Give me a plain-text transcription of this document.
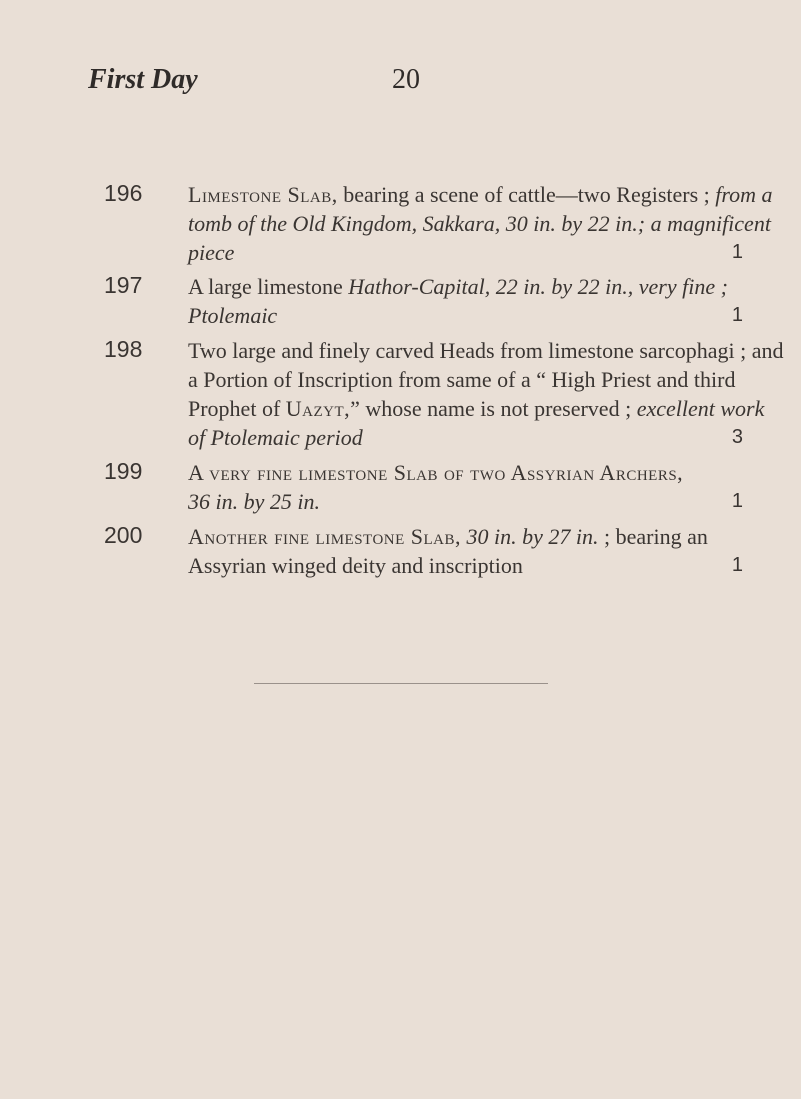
First Day	20
196 Limestone Slab, bearing a scene of cattle—two Registers ; from a
tomb of the Old Kingdom, Sakkara, 30 in. by 22 in.; a magnificent
piece	1
197 A large limestone Hathor-Capital, 22 in. by 22 in., very fine ;
Ptolemaic	1
198 Two large and finely carved Heads from limestone sarcophagi ; and
a Portion of Inscription from same of a “ High Priest and third
Prophet of Uazyt,” whose name is not preserved ; excellent work
of Ptolemaic period	3
199 A very fine limestone Slab of two Assyrian Archers,
36 in. by 25 in.	1
200 Another fine limestone Slab, 30 in. by 27 in. ; bearing an
Assyrian winged deity and inscription	1
